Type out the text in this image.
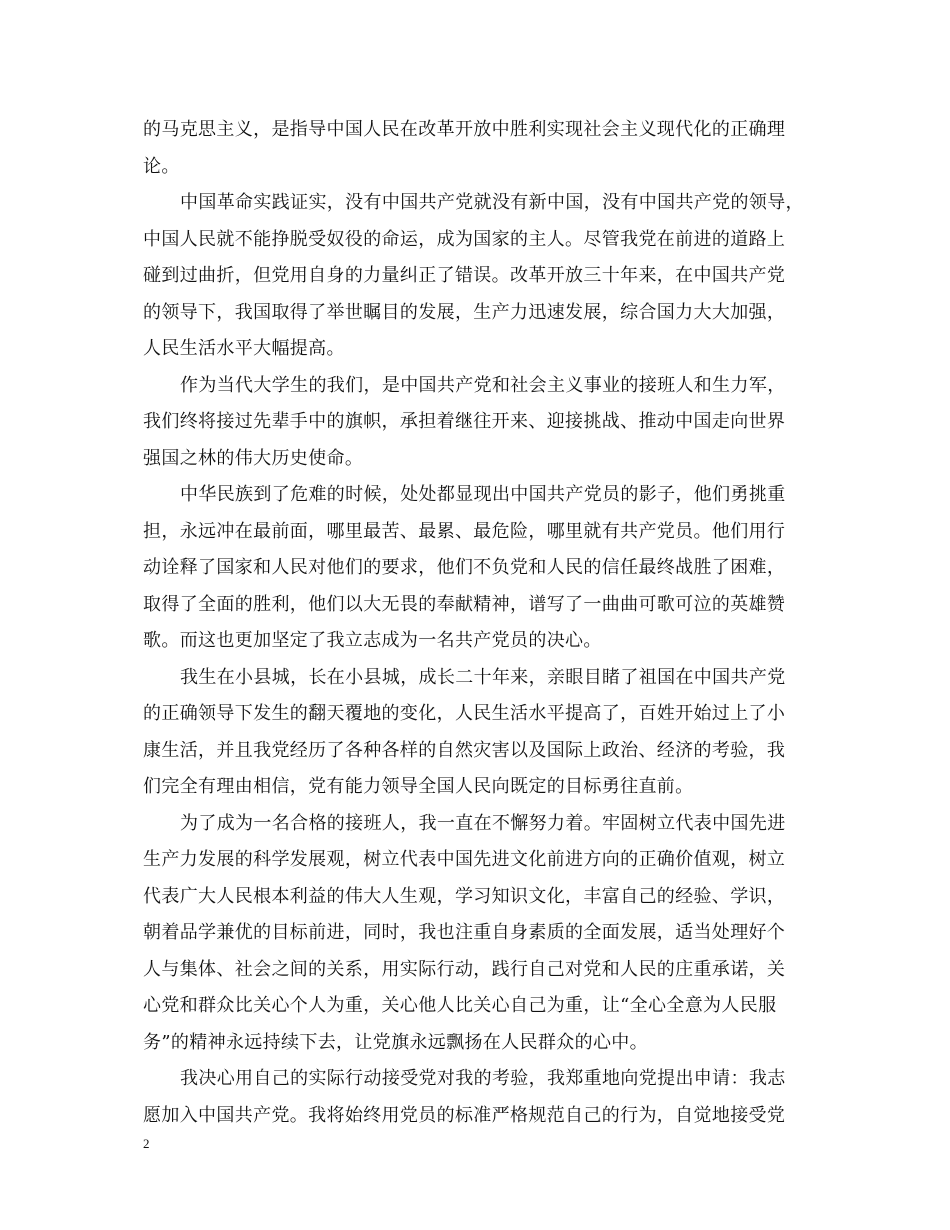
的马克思主义，是指导中国人民在改革开放中胜利实现社会主义现代化的正确理
论。
中国革命实践证实，没有中国共产党就没有新中国，没有中国共产党的领导，
中国人民就不能挣脱受奴役的命运，成为国家的主人。尽管我党在前进的道路上
碰到过曲折，但党用自身的力量纠正了错误。改革开放三十年来，在中国共产党
的领导下，我国取得了举世瞩目的发展，生产力迅速发展，综合国力大大加强，
人民生活水平大幅提高。
作为当代大学生的我们，是中国共产党和社会主义事业的接班人和生力军，
我们终将接过先辈手中的旗帜，承担着继往开来、迎接挑战、推动中国走向世界
强国之林的伟大历史使命。
中华民族到了危难的时候，处处都显现出中国共产党员的影子，他们勇挑重
担，永远冲在最前面，哪里最苦、最累、最危险，哪里就有共产党员。他们用行
动诠释了国家和人民对他们的要求，他们不负党和人民的信任最终战胜了困难，
取得了全面的胜利，他们以大无畏的奉献精神，谱写了一曲曲可歌可泣的英雄赞
歌。而这也更加坚定了我立志成为一名共产党员的决心。
我生在小县城，长在小县城，成长二十年来，亲眼目睹了祖国在中国共产党
的正确领导下发生的翻天覆地的变化，人民生活水平提高了，百姓开始过上了小
康生活，并且我党经历了各种各样的自然灾害以及国际上政治、经济的考验，我
们完全有理由相信，党有能力领导全国人民向既定的目标勇往直前。
为了成为一名合格的接班人，我一直在不懈努力着。牢固树立代表中国先进
生产力发展的科学发展观，树立代表中国先进文化前进方向的正确价值观，树立
代表广大人民根本利益的伟大人生观，学习知识文化，丰富自己的经验、学识，
朝着品学兼优的目标前进，同时，我也注重自身素质的全面发展，适当处理好个
人与集体、社会之间的关系，用实际行动，践行自己对党和人民的庄重承诺，关
心党和群众比关心个人为重，关心他人比关心自己为重，让“全心全意为人民服
务”的精神永远持续下去，让党旗永远飘扬在人民群众的心中。
我决心用自己的实际行动接受党对我的考验，我郑重地向党提出申请：我志
愿加入中国共产党。我将始终用党员的标准严格规范自己的行为，自觉地接受党
2
